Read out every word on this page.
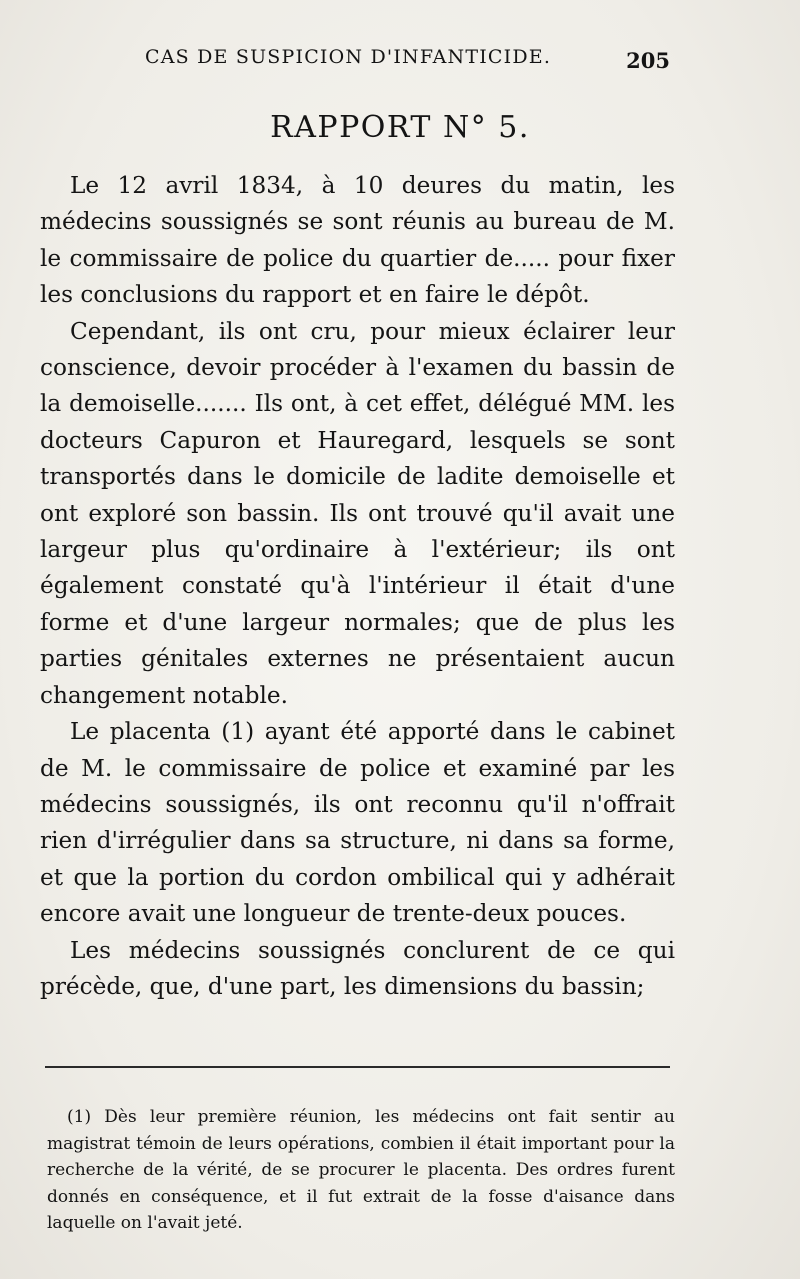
CAS DE SUSPICION D'INFANTICIDE.	205
RAPPORT N° 5.

Le 12 avril 1834, à 10 deures du matin, les médecins soussignés se sont réunis au bureau de M. le commissaire de police du quartier de..... pour fixer les conclusions du rapport et en faire le dépôt.

Cependant, ils ont cru, pour mieux éclairer leur conscience, devoir procéder à l'examen du bassin de la demoiselle....... Ils ont, à cet effet, délégué MM. les docteurs Capuron et Hauregard, lesquels se sont transportés dans le domicile de ladite demoiselle et ont exploré son bassin. Ils ont trouvé qu'il avait une largeur plus qu'ordinaire à l'extérieur; ils ont également constaté qu'à l'intérieur il était d'une forme et d'une largeur normales; que de plus les parties génitales externes ne présentaient aucun changement notable.

Le placenta (1) ayant été apporté dans le cabinet de M. le commissaire de police et examiné par les médecins soussignés, ils ont reconnu qu'il n'offrait rien d'irrégulier dans sa structure, ni dans sa forme, et que la portion du cordon ombilical qui y adhérait encore avait une longueur de trente-deux pouces.

Les médecins soussignés conclurent de ce qui précède, que, d'une part, les dimensions du bassin;

(1) Dès leur première réunion, les médecins ont fait sentir au magistrat témoin de leurs opérations, combien il était important pour la recherche de la vérité, de se procurer le placenta. Des ordres furent donnés en conséquence, et il fut extrait de la fosse d'aisance dans laquelle on l'avait jeté.
